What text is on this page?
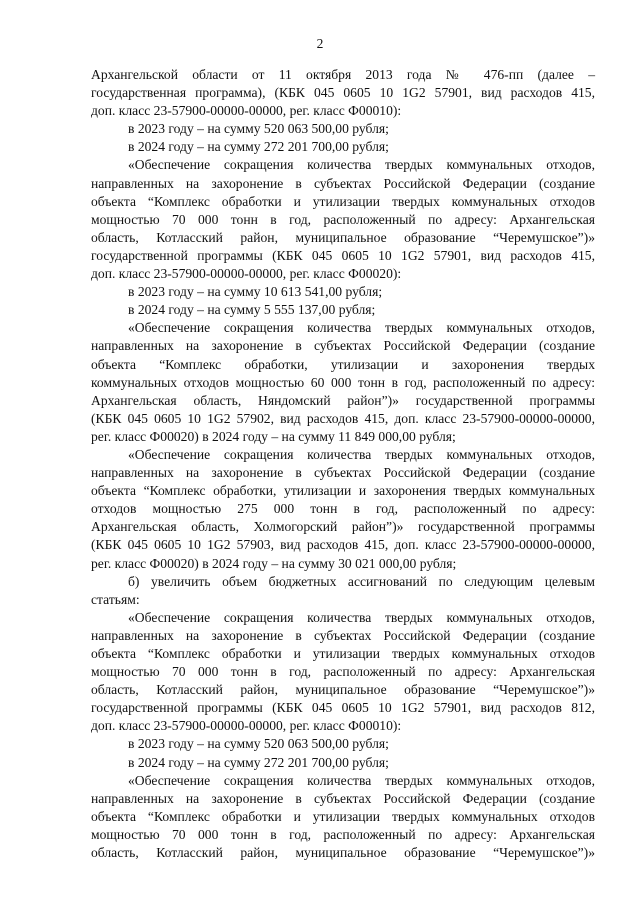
2
Архангельской области от 11 октября 2013 года № 476-пп (далее –
государственная программа), (КБК 045 0605 10 1G2 57901, вид расходов 415,
доп. класс 23-57900-00000-00000, рег. класс Ф00010):
в 2023 году – на сумму 520 063 500,00 рубля;
в 2024 году – на сумму 272 201 700,00 рубля;
«Обеспечение сокращения количества твердых коммунальных отходов,
направленных на захоронение в субъектах Российской Федерации (создание
объекта “Комплекс обработки и утилизации твердых коммунальных отходов
мощностью 70 000 тонн в год, расположенный по адресу: Архангельская
область, Котласский район, муниципальное образование “Черемушское”)»
государственной программы (КБК 045 0605 10 1G2 57901, вид расходов 415,
доп. класс 23-57900-00000-00000, рег. класс Ф00020):
в 2023 году – на сумму 10 613 541,00 рубля;
в 2024 году – на сумму 5 555 137,00 рубля;
«Обеспечение сокращения количества твердых коммунальных отходов,
направленных на захоронение в субъектах Российской Федерации (создание
объекта “Комплекс обработки, утилизации и захоронения твердых
коммунальных отходов мощностью 60 000 тонн в год, расположенный по адресу:
Архангельская область, Няндомский район”)» государственной программы
(КБК 045 0605 10 1G2 57902, вид расходов 415, доп. класс 23-57900-00000-00000,
рег. класс Ф00020) в 2024 году – на сумму 11 849 000,00 рубля;
«Обеспечение сокращения количества твердых коммунальных отходов,
направленных на захоронение в субъектах Российской Федерации (создание
объекта “Комплекс обработки, утилизации и захоронения твердых коммунальных
отходов мощностью 275 000 тонн в год, расположенный по адресу:
Архангельская область, Холмогорский район”)» государственной программы
(КБК 045 0605 10 1G2 57903, вид расходов 415, доп. класс 23-57900-00000-00000,
рег. класс Ф00020) в 2024 году – на сумму 30 021 000,00 рубля;
б) увеличить объем бюджетных ассигнований по следующим целевым
статьям:
«Обеспечение сокращения количества твердых коммунальных отходов,
направленных на захоронение в субъектах Российской Федерации (создание
объекта “Комплекс обработки и утилизации твердых коммунальных отходов
мощностью 70 000 тонн в год, расположенный по адресу: Архангельская
область, Котласский район, муниципальное образование “Черемушское”)»
государственной программы (КБК 045 0605 10 1G2 57901, вид расходов 812,
доп. класс 23-57900-00000-00000, рег. класс Ф00010):
в 2023 году – на сумму 520 063 500,00 рубля;
в 2024 году – на сумму 272 201 700,00 рубля;
«Обеспечение сокращения количества твердых коммунальных отходов,
направленных на захоронение в субъектах Российской Федерации (создание
объекта “Комплекс обработки и утилизации твердых коммунальных отходов
мощностью 70 000 тонн в год, расположенный по адресу: Архангельская
область, Котласский район, муниципальное образование “Черемушское”)»
